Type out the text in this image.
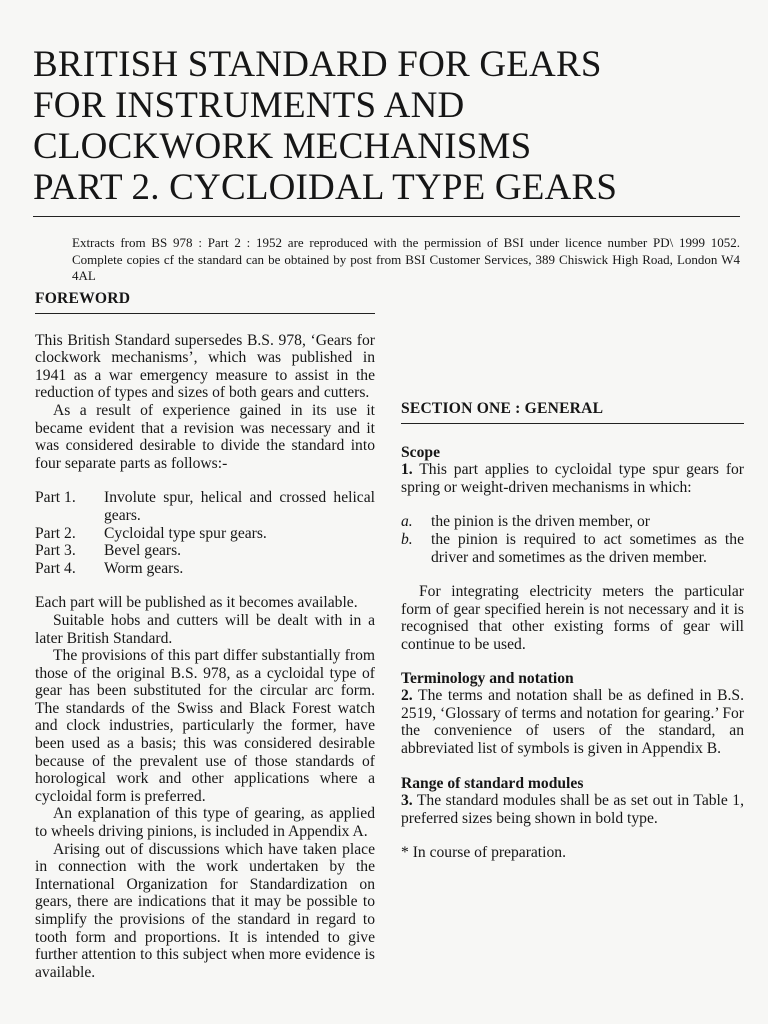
BRITISH STANDARD FOR GEARS
FOR INSTRUMENTS AND
CLOCKWORK MECHANISMS
PART 2. CYCLOIDAL TYPE GEARS

Extracts from BS 978 : Part 2 : 1952 are reproduced with the permission of BSI under licence number PD\ 1999 1052. Complete copies cf the standard can be obtained by post from BSI Customer Services, 389 Chiswick High Road, London W4 4AL

FOREWORD

This British Standard supersedes B.S. 978, ‘Gears for clockwork mechanisms’, which was published in 1941 as a war emergency measure to assist in the reduction of types and sizes of both gears and cutters.

As a result of experience gained in its use it became evident that a revision was necessary and it was considered desirable to divide the standard into four separate parts as follows:-

Part 1.	Involute spur, helical and crossed helical gears.
Part 2.	Cycloidal type spur gears.
Part 3.	Bevel gears.
Part 4.	Worm gears.

Each part will be published as it becomes available.

Suitable hobs and cutters will be dealt with in a later British Standard.

The provisions of this part differ substantially from those of the original B.S. 978, as a cycloidal type of gear has been substituted for the circular arc form. The standards of the Swiss and Black Forest watch and clock industries, particularly the former, have been used as a basis; this was considered desirable because of the prevalent use of those standards of horological work and other applications where a cycloidal form is preferred.

An explanation of this type of gearing, as applied to wheels driving pinions, is included in Appendix A.

Arising out of discussions which have taken place in connection with the work undertaken by the International Organization for Standardization on gears, there are indications that it may be possible to simplify the provisions of the standard in regard to tooth form and proportions. It is intended to give further attention to this subject when more evidence is available.

SECTION ONE : GENERAL

Scope

1. This part applies to cycloidal type spur gears for spring or weight-driven mechanisms in which:

a.	the pinion is the driven member, or
b.	the pinion is required to act sometimes as the driver and sometimes as the driven member.

For integrating electricity meters the particular form of gear specified herein is not necessary and it is recognised that other existing forms of gear will continue to be used.

Terminology and notation

2. The terms and notation shall be as defined in B.S. 2519, ‘Glossary of terms and notation for gearing.’ For the convenience of users of the standard, an abbreviated list of symbols is given in Appendix B.

Range of standard modules

3. The standard modules shall be as set out in Table 1, preferred sizes being shown in bold type.

* In course of preparation.
